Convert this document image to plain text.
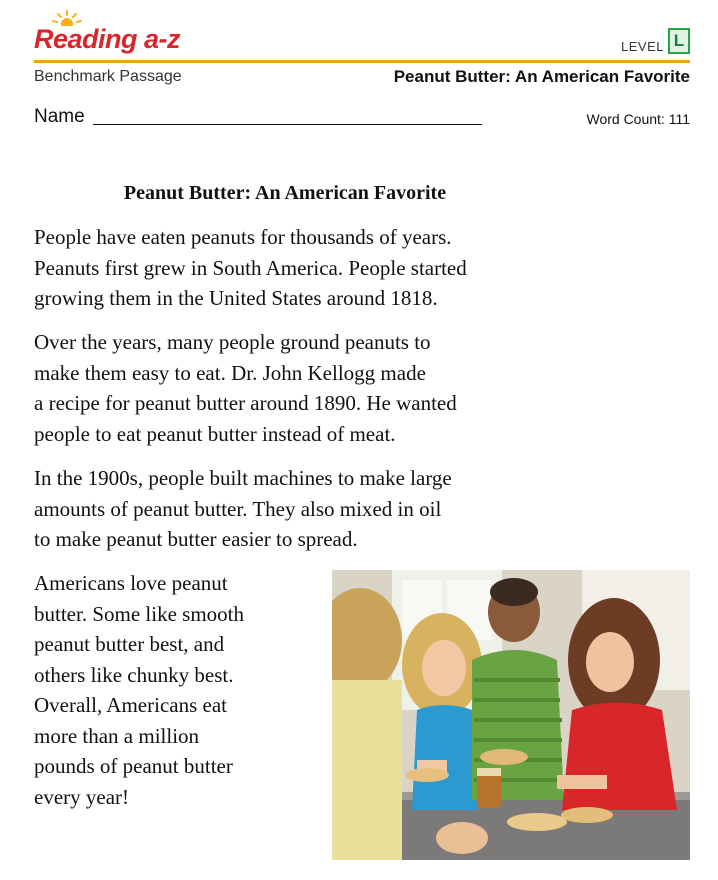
Reading a-z	LEVEL L
Benchmark Passage	Peanut Butter: An American Favorite
Name	Word Count: 111
Peanut Butter: An American Favorite

People have eaten peanuts for thousands of years.
Peanuts first grew in South America. People started
growing them in the United States around 1818.

Over the years, many people ground peanuts to
make them easy to eat. Dr. John Kellogg made
a recipe for peanut butter around 1890. He wanted
people to eat peanut butter instead of meat.

In the 1900s, people built machines to make large
amounts of peanut butter. They also mixed in oil
to make peanut butter easier to spread.

Americans love peanut
butter. Some like smooth
peanut butter best, and
others like chunky best.
Overall, Americans eat
more than a million
pounds of peanut butter
every year!
